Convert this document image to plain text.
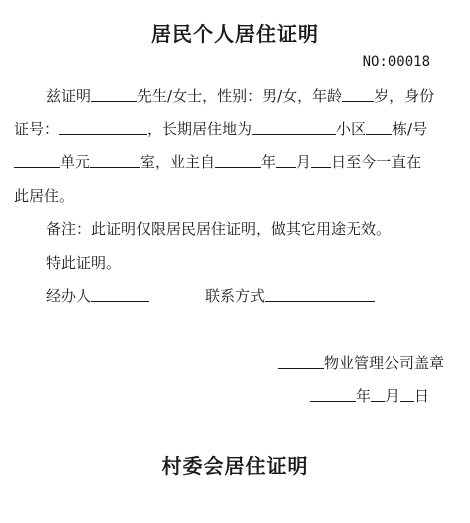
居民个人居住证明
NO:00018
兹证明	先生/女士，性别：男/女，年龄 岁，身份
证号：	，长期居住地为	小区 栋/号
单元	室，业主自	年 月 日至今一直在
此居住。
备注：此证明仅限居民居住证明，做其它用途无效。
特此证明。
经办人	联系方式
物业管理公司盖章
年 月 日
村委会居住证明
